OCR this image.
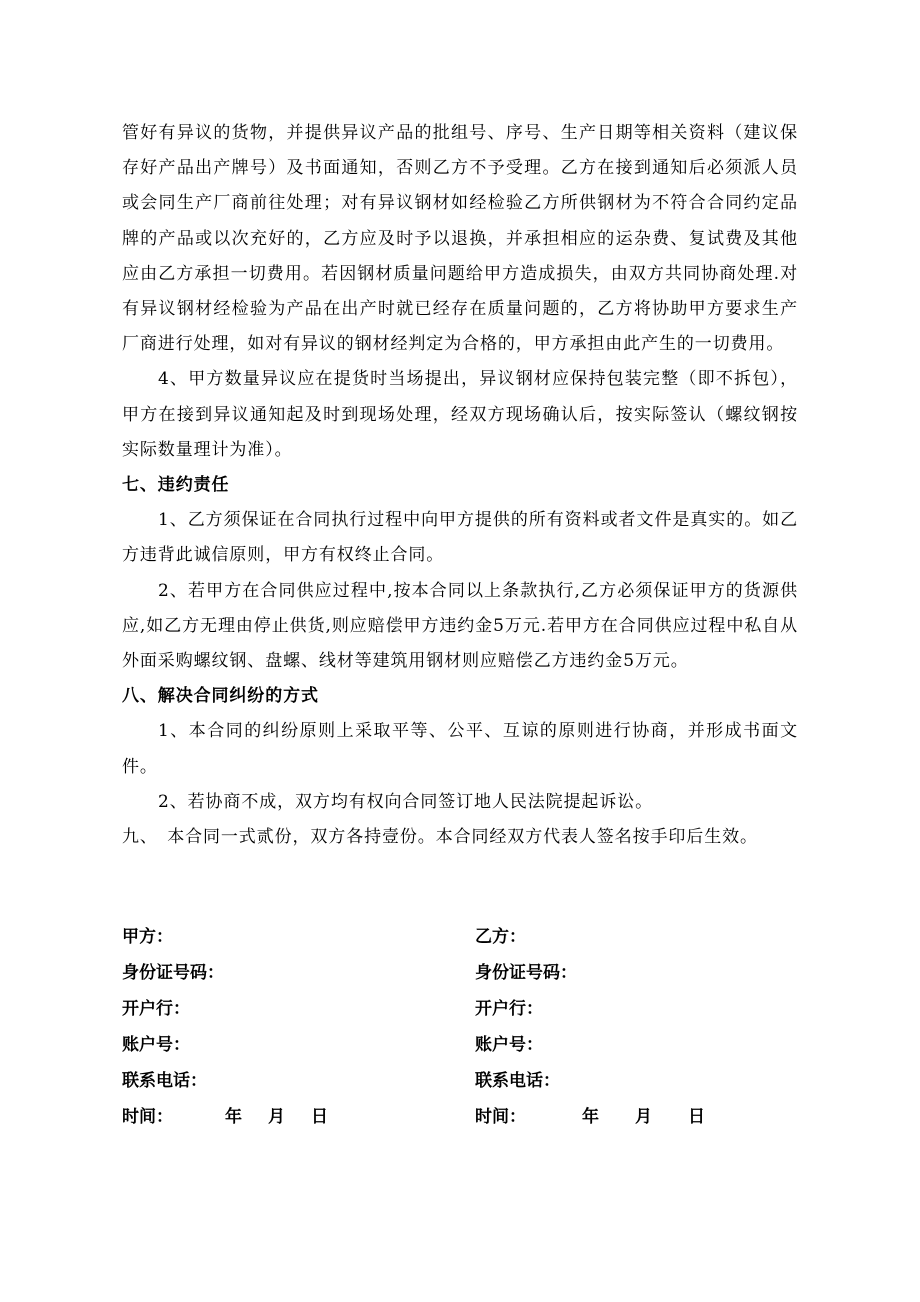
管好有异议的货物，并提供异议产品的批组号、序号、生产日期等相关资料（建议保存好产品出产牌号）及书面通知，否则乙方不予受理。乙方在接到通知后必须派人员或会同生产厂商前往处理；对有异议钢材如经检验乙方所供钢材为不符合合同约定品牌的产品或以次充好的，乙方应及时予以退换，并承担相应的运杂费、复试费及其他应由乙方承担一切费用。若因钢材质量问题给甲方造成损失，由双方共同协商处理.对有异议钢材经检验为产品在出产时就已经存在质量问题的，乙方将协助甲方要求生产厂商进行处理，如对有异议的钢材经判定为合格的，甲方承担由此产生的一切费用。

4、甲方数量异议应在提货时当场提出，异议钢材应保持包装完整（即不拆包），甲方在接到异议通知起及时到现场处理，经双方现场确认后，按实际签认（螺纹钢按实际数量理计为准）。

七、违约责任

1、乙方须保证在合同执行过程中向甲方提供的所有资料或者文件是真实的。如乙方违背此诚信原则，甲方有权终止合同。

2、若甲方在合同供应过程中,按本合同以上条款执行,乙方必须保证甲方的货源供应,如乙方无理由停止供货,则应赔偿甲方违约金5万元.若甲方在合同供应过程中私自从外面采购螺纹钢、盘螺、线材等建筑用钢材则应赔偿乙方违约金5万元。

八、解决合同纠纷的方式

1、本合同的纠纷原则上采取平等、公平、互谅的原则进行协商，并形成书面文件。

2、若协商不成，双方均有权向合同签订地人民法院提起诉讼。

九、　本合同一式贰份，双方各持壹份。本合同经双方代表人签名按手印后生效。

甲方：
身份证号码：
开户行：
账户号：
联系电话：
时间：	年 月 日
乙方：
身份证号码：
开户行：
账户号：
联系电话：
时间：	年 月 日
